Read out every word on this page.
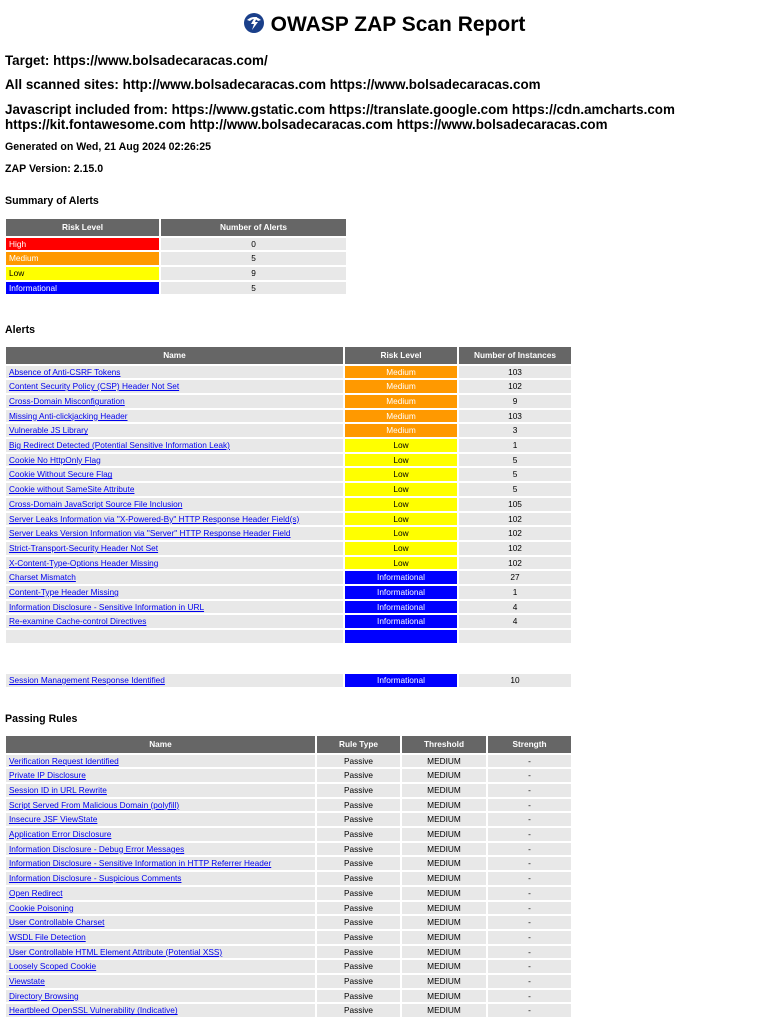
OWASP ZAP Scan Report
Target: https://www.bolsadecaracas.com/
All scanned sites: http://www.bolsadecaracas.com https://www.bolsadecaracas.com
Javascript included from: https://www.gstatic.com https://translate.google.com https://cdn.amcharts.com
https://kit.fontawesome.com http://www.bolsadecaracas.com https://www.bolsadecaracas.com
Generated on Wed, 21 Aug 2024 02:26:25
ZAP Version: 2.15.0
Summary of Alerts
Risk Level	Number of Alerts
High	0
Medium	5
Low	9
Informational	5
Alerts
Name	Risk Level	Number of Instances
Absence of Anti-CSRF Tokens	Medium	103
Content Security Policy (CSP) Header Not Set	Medium	102
Cross-Domain Misconfiguration	Medium	9
Missing Anti-clickjacking Header	Medium	103
Vulnerable JS Library	Medium	3
Big Redirect Detected (Potential Sensitive Information Leak)	Low	1
Cookie No HttpOnly Flag	Low	5
Cookie Without Secure Flag	Low	5
Cookie without SameSite Attribute	Low	5
Cross-Domain JavaScript Source File Inclusion	Low	105
Server Leaks Information via "X-Powered-By" HTTP Response Header Field(s)	Low	102
Server Leaks Version Information via "Server" HTTP Response Header Field	Low	102
Strict-Transport-Security Header Not Set	Low	102
X-Content-Type-Options Header Missing	Low	102
Charset Mismatch	Informational	27
Content-Type Header Missing	Informational	1
Information Disclosure - Sensitive Information in URL	Informational	4
Re-examine Cache-control Directives	Informational	4

Session Management Response Identified	Informational	10
Passing Rules
Name	Rule Type	Threshold	Strength
Verification Request Identified	Passive	MEDIUM	-
Private IP Disclosure	Passive	MEDIUM	-
Session ID in URL Rewrite	Passive	MEDIUM	-
Script Served From Malicious Domain (polyfill)	Passive	MEDIUM	-
Insecure JSF ViewState	Passive	MEDIUM	-
Application Error Disclosure	Passive	MEDIUM	-
Information Disclosure - Debug Error Messages	Passive	MEDIUM	-
Information Disclosure - Sensitive Information in HTTP Referrer Header	Passive	MEDIUM	-
Information Disclosure - Suspicious Comments	Passive	MEDIUM	-
Open Redirect	Passive	MEDIUM	-
Cookie Poisoning	Passive	MEDIUM	-
User Controllable Charset	Passive	MEDIUM	-
WSDL File Detection	Passive	MEDIUM	-
User Controllable HTML Element Attribute (Potential XSS)	Passive	MEDIUM	-
Loosely Scoped Cookie	Passive	MEDIUM	-
Viewstate	Passive	MEDIUM	-
Directory Browsing	Passive	MEDIUM	-
Heartbleed OpenSSL Vulnerability (Indicative)	Passive	MEDIUM	-
